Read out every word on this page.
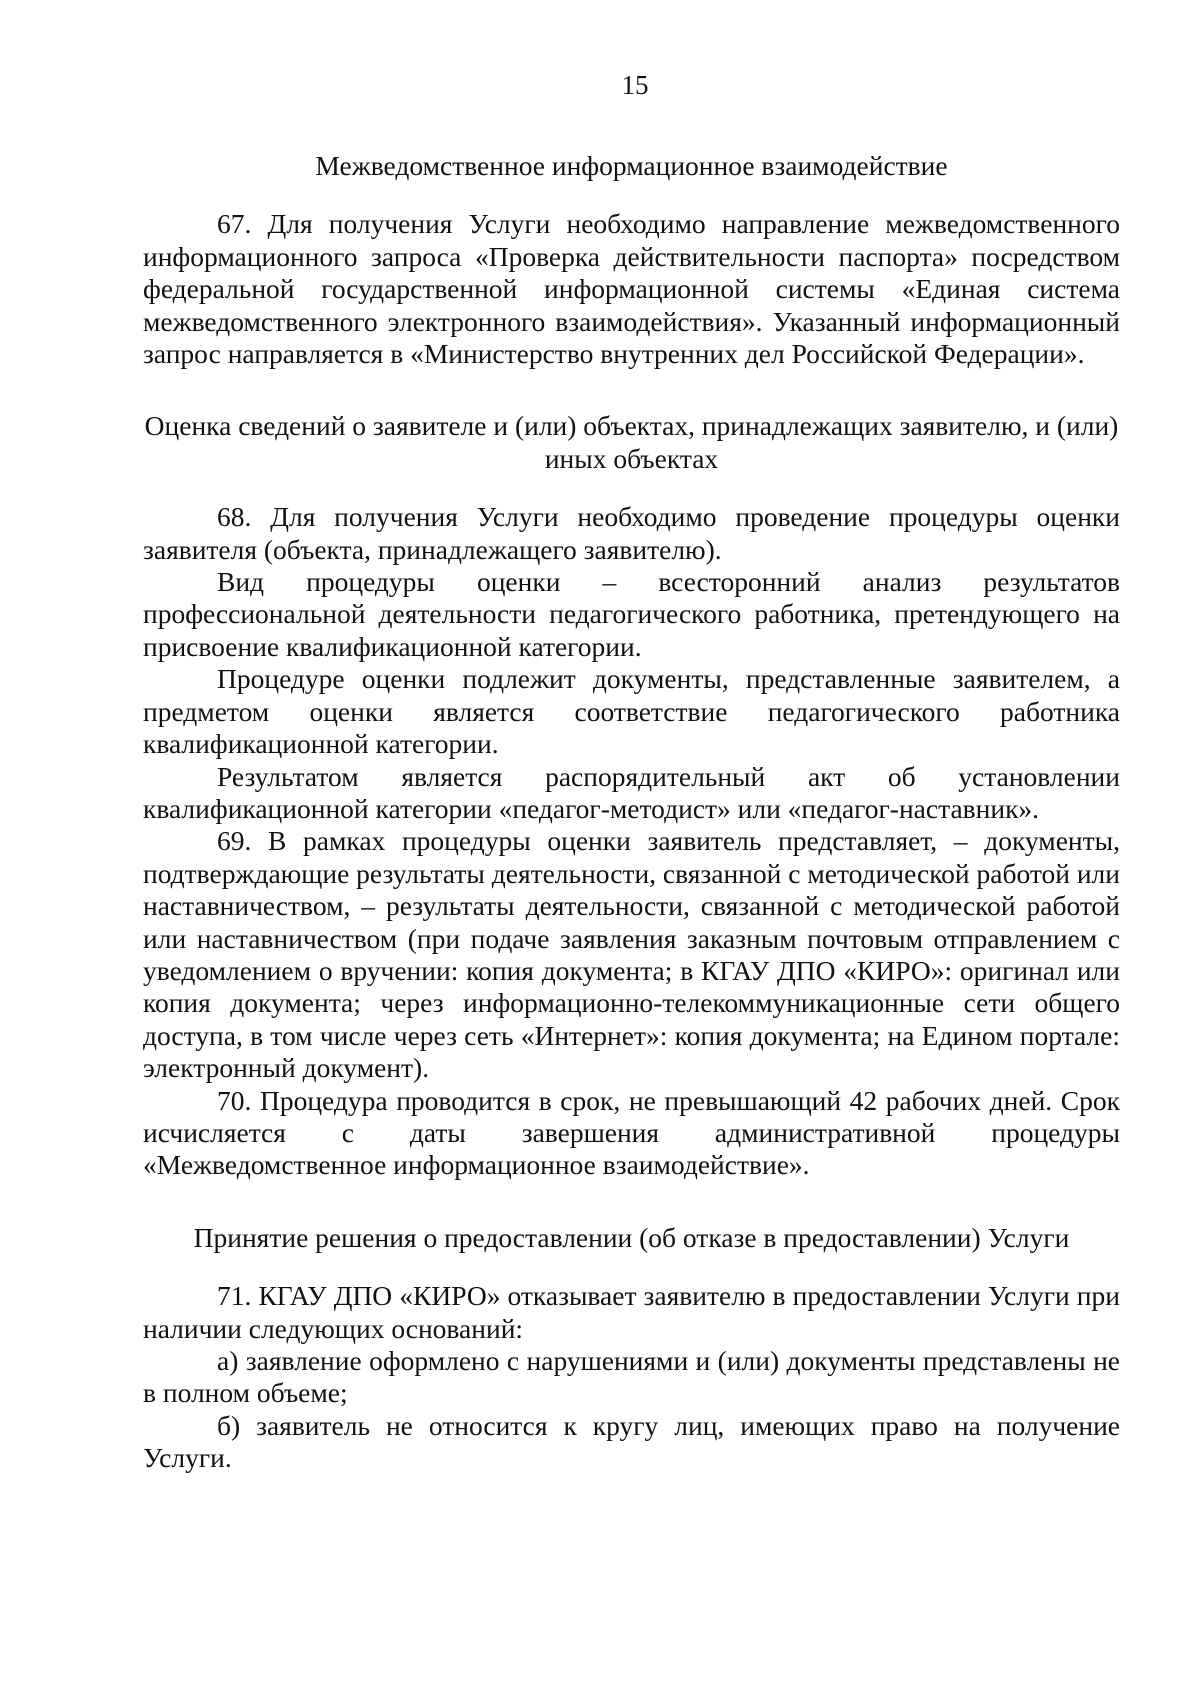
15

Межведомственное информационное взаимодействие

67. Для получения Услуги необходимо направление межведомственного информационного запроса «Проверка действительности паспорта» посредством федеральной государственной информационной системы «Единая система межведомственного электронного взаимодействия». Указанный информационный запрос направляется в «Министерство внутренних дел Российской Федерации».

Оценка сведений о заявителе и (или) объектах, принадлежащих заявителю, и (или) иных объектах

68. Для получения Услуги необходимо проведение процедуры оценки заявителя (объекта, принадлежащего заявителю).

Вид процедуры оценки – всесторонний анализ результатов профессиональной деятельности педагогического работника, претендующего на присвоение квалификационной категории.

Процедуре оценки подлежит документы, представленные заявителем, а предметом оценки является соответствие педагогического работника квалификационной категории.

Результатом является распорядительный акт об установлении квалификационной категории «педагог-методист» или «педагог-наставник».

69. В рамках процедуры оценки заявитель представляет, – документы, подтверждающие результаты деятельности, связанной с методической работой или наставничеством, – результаты деятельности, связанной с методической работой или наставничеством (при подаче заявления заказным почтовым отправлением с уведомлением о вручении: копия документа; в КГАУ ДПО «КИРО»: оригинал или копия документа; через информационно-телекоммуникационные сети общего доступа, в том числе через сеть «Интернет»: копия документа; на Едином портале: электронный документ).

70. Процедура проводится в срок, не превышающий 42 рабочих дней. Срок исчисляется с даты завершения административной процедуры «Межведомственное информационное взаимодействие».

Принятие решения о предоставлении (об отказе в предоставлении) Услуги

71. КГАУ ДПО «КИРО» отказывает заявителю в предоставлении Услуги при наличии следующих оснований:

а) заявление оформлено с нарушениями и (или) документы представлены не в полном объеме;

б) заявитель не относится к кругу лиц, имеющих право на получение Услуги.
